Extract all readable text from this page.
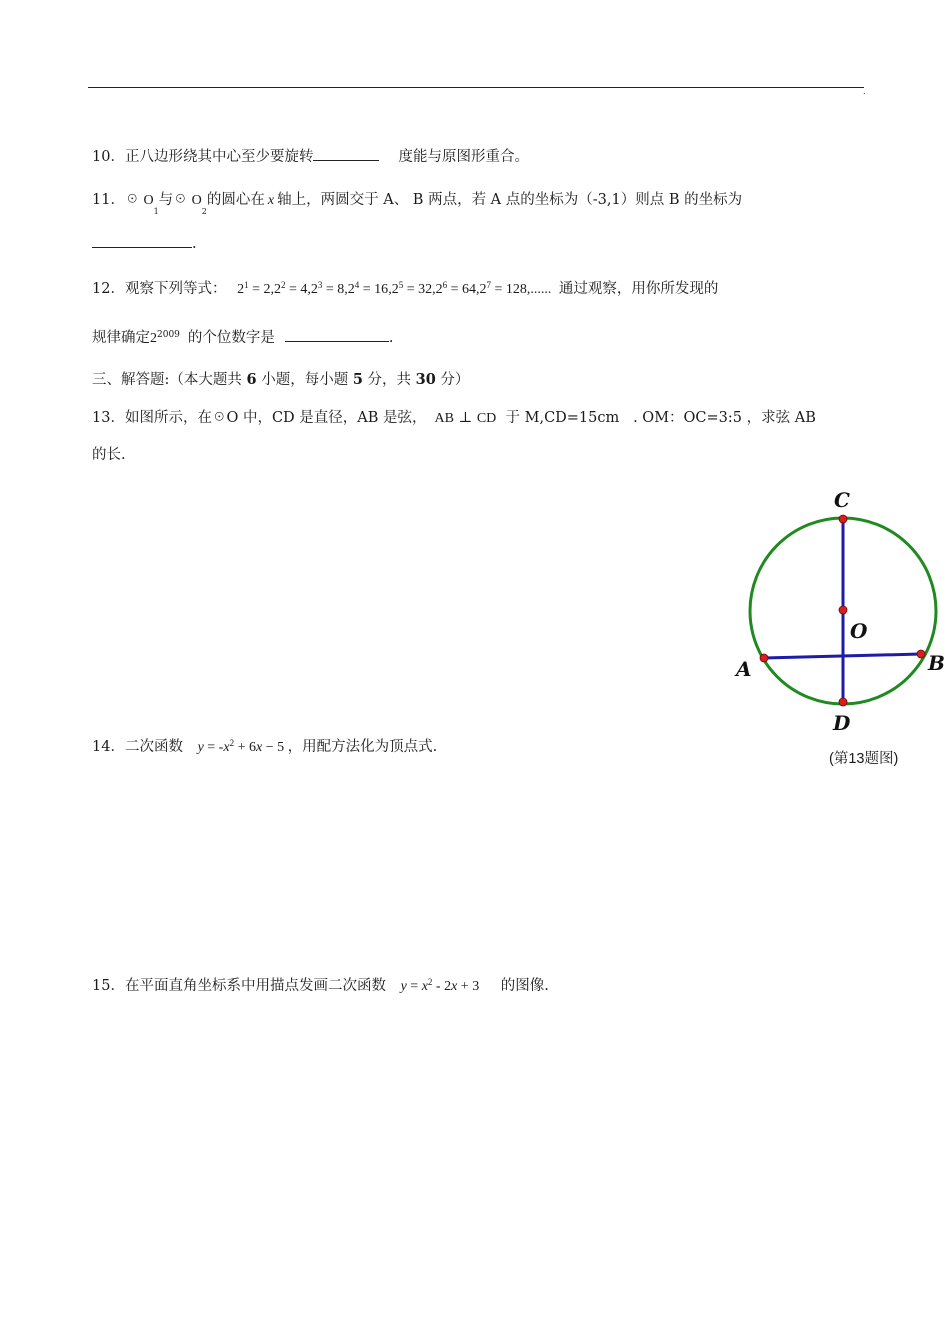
.
10．正八边形绕其中心至少要旋转	度能与原图形重合。
11．☉ $O_1$与☉ $O_2$的圆心在 x 轴上，两圆交于 A、 B 两点，若 A 点的坐标为（-3,1）则点 B 的坐标为
.
12．观察下列等式： $2^1 = 2,2^2 = 4,2^3 = 8,2^4 = 16,2^5 = 32,2^6 = 64,2^7 = 128$,...... 通过观察，用你所发现的
规律确定$2^{2009}$ 的个位数字是	.
三、解答题:（本大题共 6 小题，每小题 5 分，共 30 分）
13．如图所示，在☉O 中，CD 是直径，AB 是弦， AB ⊥ CD 于 M,CD=15cm . OM：OC=3:5 ，求弦 AB
的长.
C
O
A	B
D
(第13题图)
14．二次函数 $y = -x^2 + 6x - 5$ ，用配方法化为顶点式.
15．在平面直角坐标系中用描点发画二次函数 $y = x^2 - 2x + 3$ 的图像.
